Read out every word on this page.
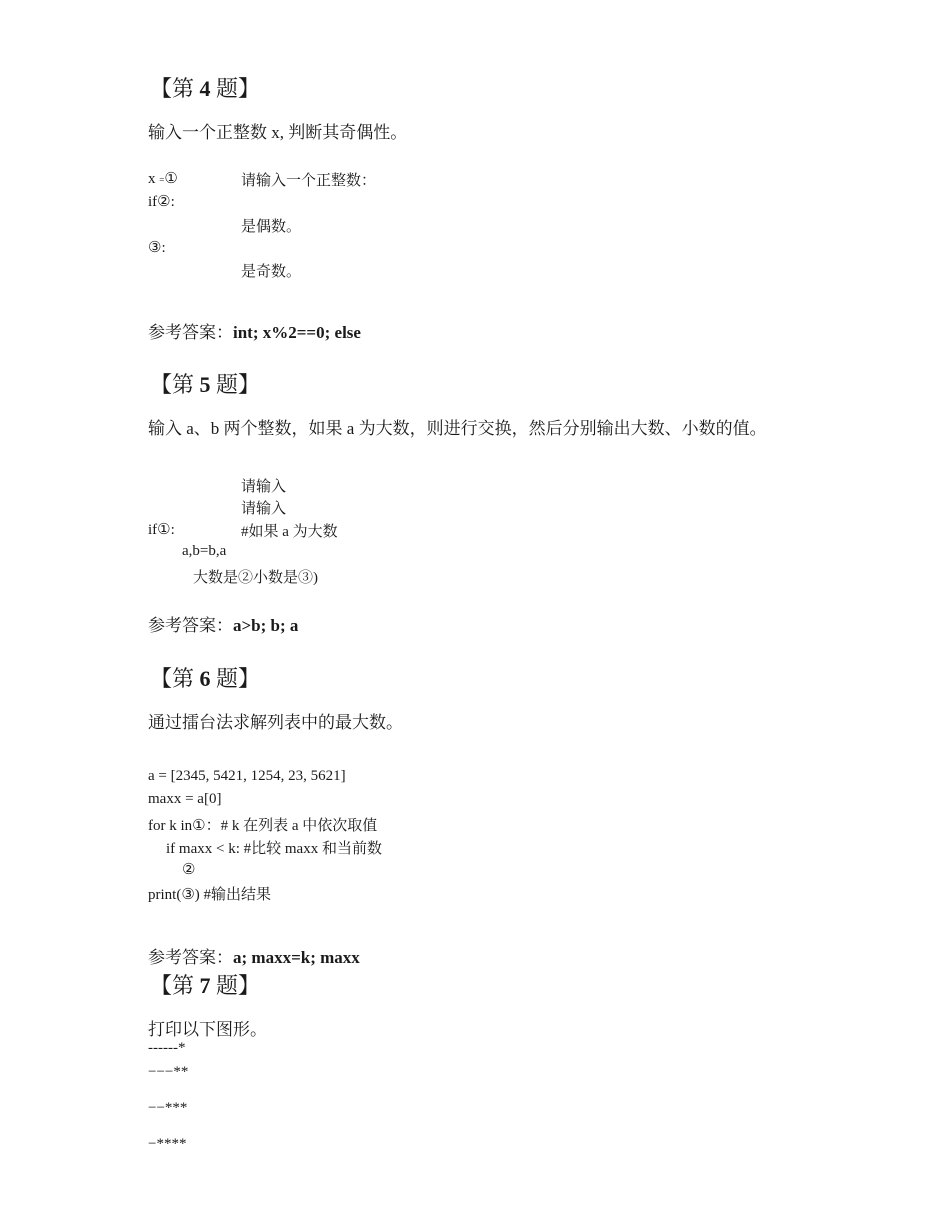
【第 4 题】
输入一个正整数 x, 判断其奇偶性。
x =①	请输入一个正整数：
if②:
是偶数。
③:
是奇数。
参考答案：int; x%2==0; else
【第 5 题】
输入 a、b 两个整数，如果 a 为大数，则进行交换，然后分别输出大数、小数的值。
请输入
请输入
if①:	#如果 a 为大数
a,b=b,a
大数是②小数是③)
参考答案：a>b; b; a
【第 6 题】
通过擂台法求解列表中的最大数。
a = [2345, 5421, 1254, 23, 5621]
maxx = a[0]
for k in①：# k 在列表 a 中依次取值
if maxx < k: #比较 maxx 和当前数
②
print(③) #输出结果
参考答案：a; maxx=k; maxx
【第 7 题】
打印以下图形。
------*
−−−**
−−***
−****
